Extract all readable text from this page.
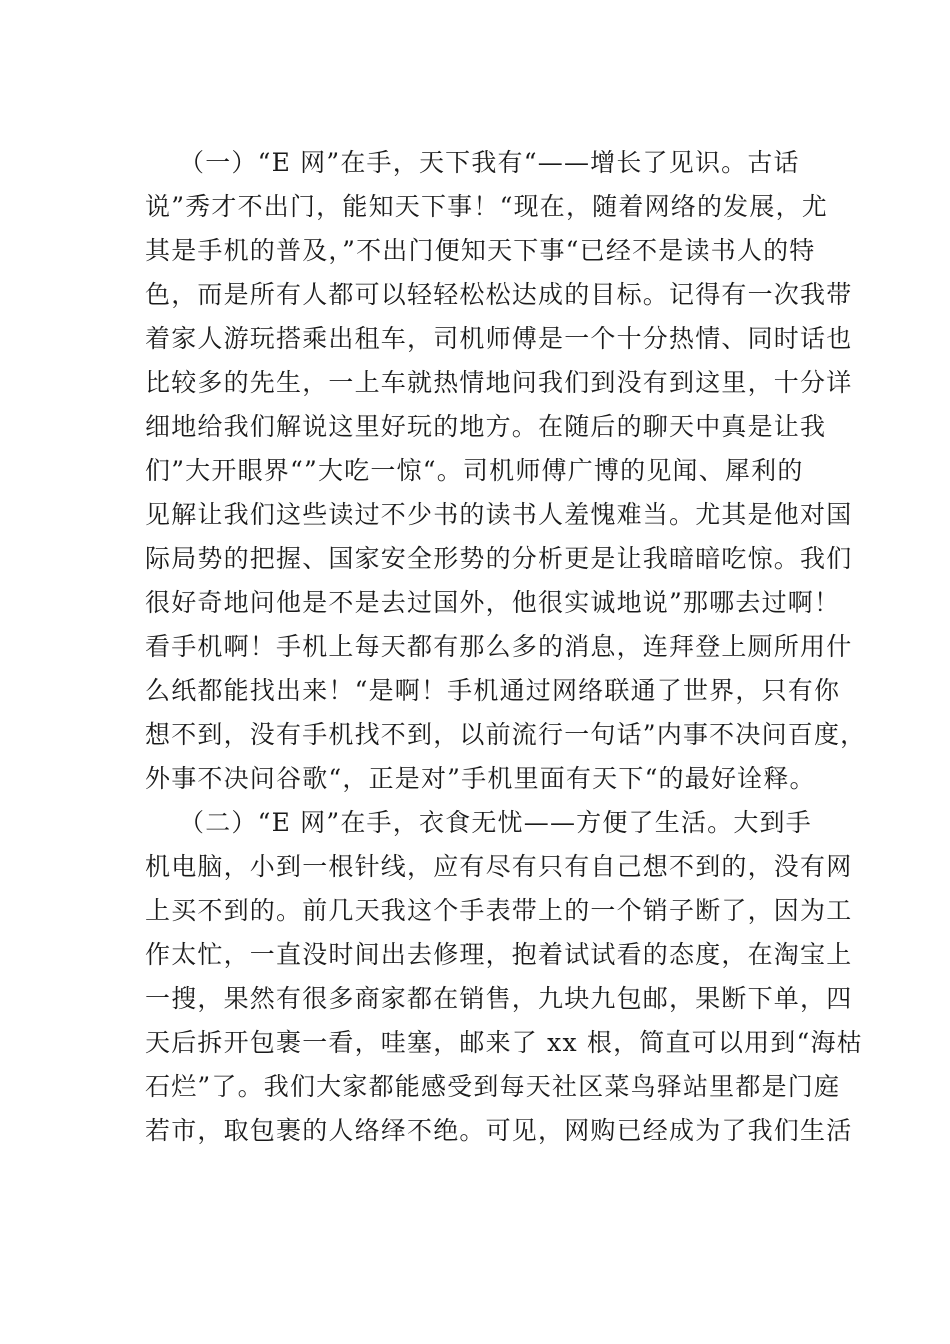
（一）“E 网”在手，天下我有“——增长了见识。古话
说”秀才不出门，能知天下事！“现在，随着网络的发展，尤
其是手机的普及，”不出门便知天下事“已经不是读书人的特
色，而是所有人都可以轻轻松松达成的目标。记得有一次我带
着家人游玩搭乘出租车，司机师傅是一个十分热情、同时话也
比较多的先生，一上车就热情地问我们到没有到这里，十分详
细地给我们解说这里好玩的地方。在随后的聊天中真是让我
们”大开眼界“”大吃一惊“。司机师傅广博的见闻、犀利的
见解让我们这些读过不少书的读书人羞愧难当。尤其是他对国
际局势的把握、国家安全形势的分析更是让我暗暗吃惊。我们
很好奇地问他是不是去过国外，他很实诚地说”那哪去过啊！
看手机啊！手机上每天都有那么多的消息，连拜登上厕所用什
么纸都能找出来！“是啊！手机通过网络联通了世界，只有你
想不到，没有手机找不到，以前流行一句话”内事不决问百度，
外事不决问谷歌“，正是对”手机里面有天下“的最好诠释。
（二）“E 网”在手，衣食无忧——方便了生活。大到手
机电脑，小到一根针线，应有尽有只有自己想不到的，没有网
上买不到的。前几天我这个手表带上的一个销子断了，因为工
作太忙，一直没时间出去修理，抱着试试看的态度，在淘宝上
一搜，果然有很多商家都在销售，九块九包邮，果断下单，四
天后拆开包裹一看，哇塞，邮来了 xx 根，简直可以用到“海枯
石烂”了。我们大家都能感受到每天社区菜鸟驿站里都是门庭
若市，取包裹的人络绎不绝。可见，网购已经成为了我们生活
